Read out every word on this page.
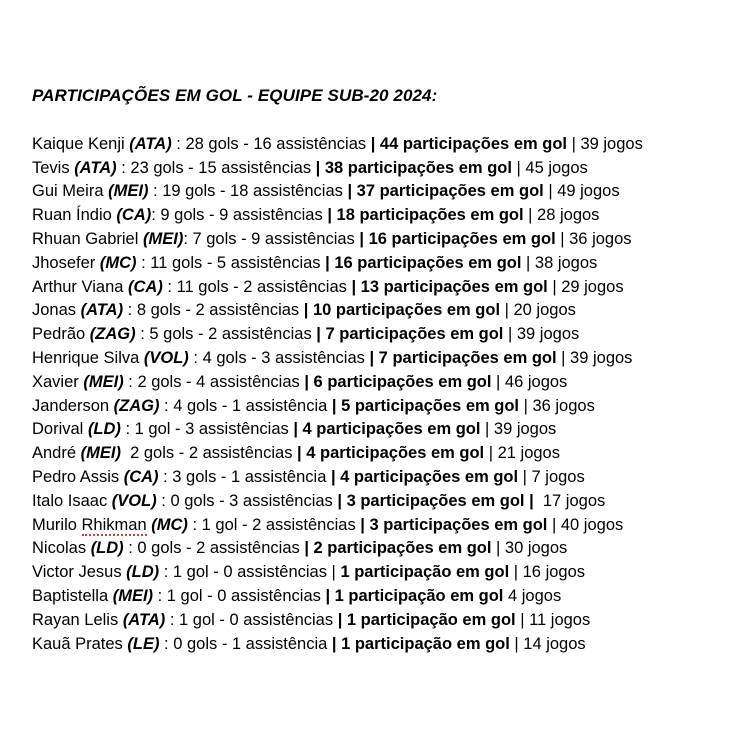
PARTICIPAÇÕES EM GOL - EQUIPE SUB-20 2024:
Kaique Kenji (ATA) : 28 gols - 16 assistências | 44 participações em gol | 39 jogos
Tevis (ATA) : 23 gols - 15 assistências | 38 participações em gol | 45 jogos
Gui Meira (MEI) : 19 gols - 18 assistências | 37 participações em gol | 49 jogos
Ruan Índio (CA): 9 gols - 9 assistências | 18 participações em gol | 28 jogos
Rhuan Gabriel (MEI): 7 gols - 9 assistências | 16 participações em gol | 36 jogos
Jhosefer (MC) : 11 gols - 5 assistências | 16 participações em gol | 38 jogos
Arthur Viana (CA) : 11 gols - 2 assistências | 13 participações em gol | 29 jogos
Jonas (ATA) : 8 gols - 2 assistências | 10 participações em gol | 20 jogos
Pedrão (ZAG) : 5 gols - 2 assistências | 7 participações em gol | 39 jogos
Henrique Silva (VOL) : 4 gols - 3 assistências | 7 participações em gol | 39 jogos
Xavier (MEI) : 2 gols - 4 assistências | 6 participações em gol | 46 jogos
Janderson (ZAG) : 4 gols - 1 assistência | 5 participações em gol | 36 jogos
Dorival (LD) : 1 gol - 3 assistências | 4 participações em gol | 39 jogos
André (MEI)  2 gols - 2 assistências | 4 participações em gol | 21 jogos
Pedro Assis (CA) : 3 gols - 1 assistência | 4 participações em gol | 7 jogos
Italo Isaac (VOL) : 0 gols - 3 assistências | 3 participações em gol |  17 jogos
Murilo Rhikman (MC) : 1 gol - 2 assistências | 3 participações em gol | 40 jogos
Nicolas (LD) : 0 gols - 2 assistências | 2 participações em gol | 30 jogos
Victor Jesus (LD) : 1 gol - 0 assistências | 1 participação em gol | 16 jogos
Baptistella (MEI) : 1 gol - 0 assistências | 1 participação em gol 4 jogos
Rayan Lelis (ATA) : 1 gol - 0 assistências | 1 participação em gol | 11 jogos
Kauã Prates (LE) : 0 gols - 1 assistência | 1 participação em gol | 14 jogos
